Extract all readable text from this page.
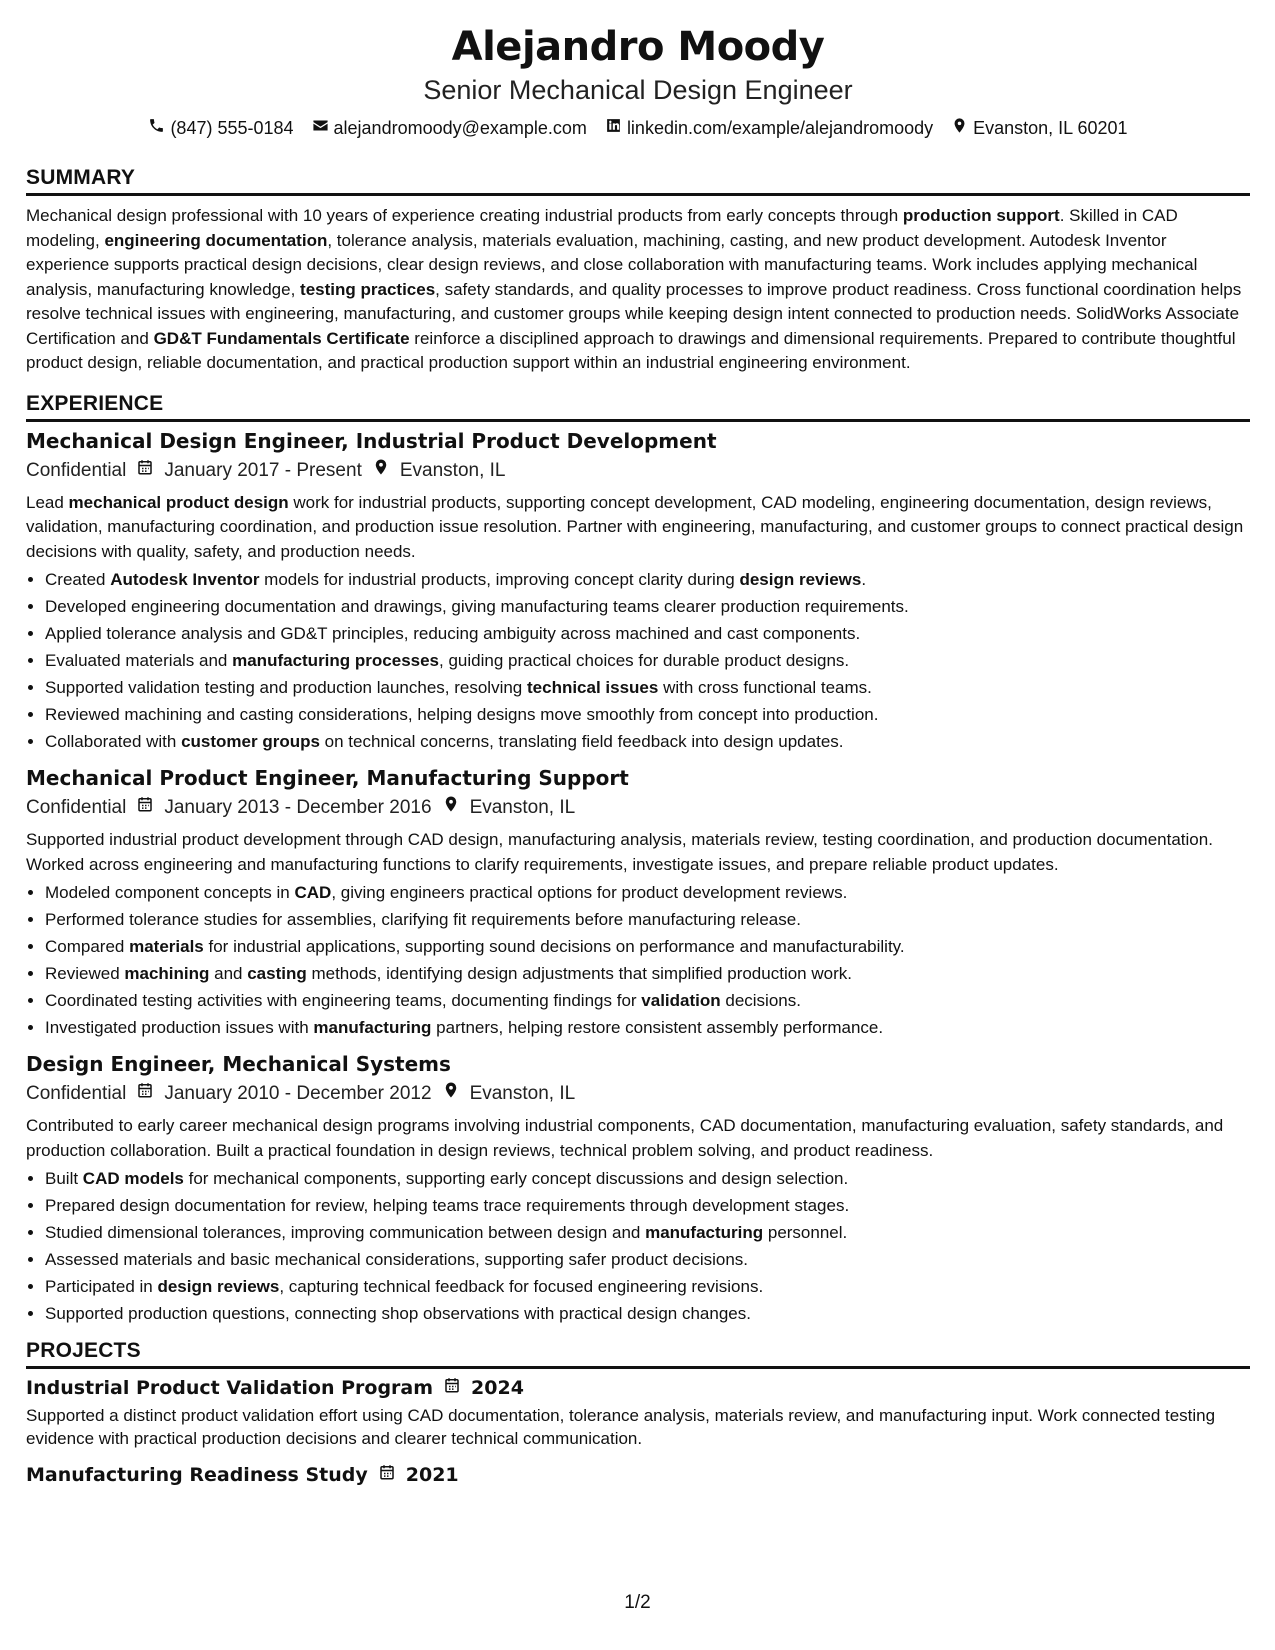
Alejandro Moody
Senior Mechanical Design Engineer
(847) 555-0184 alejandromoody@example.com linkedin.com/example/alejandromoody Evanston, IL 60201
SUMMARY
Mechanical design professional with 10 years of experience creating industrial products from early concepts through production support. Skilled in CAD modeling, engineering documentation, tolerance analysis, materials evaluation, machining, casting, and new product development. Autodesk Inventor experience supports practical design decisions, clear design reviews, and close collaboration with manufacturing teams. Work includes applying mechanical analysis, manufacturing knowledge, testing practices, safety standards, and quality processes to improve product readiness. Cross functional coordination helps resolve technical issues with engineering, manufacturing, and customer groups while keeping design intent connected to production needs. SolidWorks Associate Certification and GD&T Fundamentals Certificate reinforce a disciplined approach to drawings and dimensional requirements. Prepared to contribute thoughtful product design, reliable documentation, and practical production support within an industrial engineering environment.
EXPERIENCE
Mechanical Design Engineer, Industrial Product Development
Confidential January 2017 - Present Evanston, IL
Lead mechanical product design work for industrial products, supporting concept development, CAD modeling, engineering documentation, design reviews, validation, manufacturing coordination, and production issue resolution. Partner with engineering, manufacturing, and customer groups to connect practical design decisions with quality, safety, and production needs.
• Created Autodesk Inventor models for industrial products, improving concept clarity during design reviews.
• Developed engineering documentation and drawings, giving manufacturing teams clearer production requirements.
• Applied tolerance analysis and GD&T principles, reducing ambiguity across machined and cast components.
• Evaluated materials and manufacturing processes, guiding practical choices for durable product designs.
• Supported validation testing and production launches, resolving technical issues with cross functional teams.
• Reviewed machining and casting considerations, helping designs move smoothly from concept into production.
• Collaborated with customer groups on technical concerns, translating field feedback into design updates.
Mechanical Product Engineer, Manufacturing Support
Confidential January 2013 - December 2016 Evanston, IL
Supported industrial product development through CAD design, manufacturing analysis, materials review, testing coordination, and production documentation. Worked across engineering and manufacturing functions to clarify requirements, investigate issues, and prepare reliable product updates.
• Modeled component concepts in CAD, giving engineers practical options for product development reviews.
• Performed tolerance studies for assemblies, clarifying fit requirements before manufacturing release.
• Compared materials for industrial applications, supporting sound decisions on performance and manufacturability.
• Reviewed machining and casting methods, identifying design adjustments that simplified production work.
• Coordinated testing activities with engineering teams, documenting findings for validation decisions.
• Investigated production issues with manufacturing partners, helping restore consistent assembly performance.
Design Engineer, Mechanical Systems
Confidential January 2010 - December 2012 Evanston, IL
Contributed to early career mechanical design programs involving industrial components, CAD documentation, manufacturing evaluation, safety standards, and production collaboration. Built a practical foundation in design reviews, technical problem solving, and product readiness.
• Built CAD models for mechanical components, supporting early concept discussions and design selection.
• Prepared design documentation for review, helping teams trace requirements through development stages.
• Studied dimensional tolerances, improving communication between design and manufacturing personnel.
• Assessed materials and basic mechanical considerations, supporting safer product decisions.
• Participated in design reviews, capturing technical feedback for focused engineering revisions.
• Supported production questions, connecting shop observations with practical design changes.
PROJECTS
Industrial Product Validation Program 2024
Supported a distinct product validation effort using CAD documentation, tolerance analysis, materials review, and manufacturing input. Work connected testing evidence with practical production decisions and clearer technical communication.
Manufacturing Readiness Study 2021
1/2
